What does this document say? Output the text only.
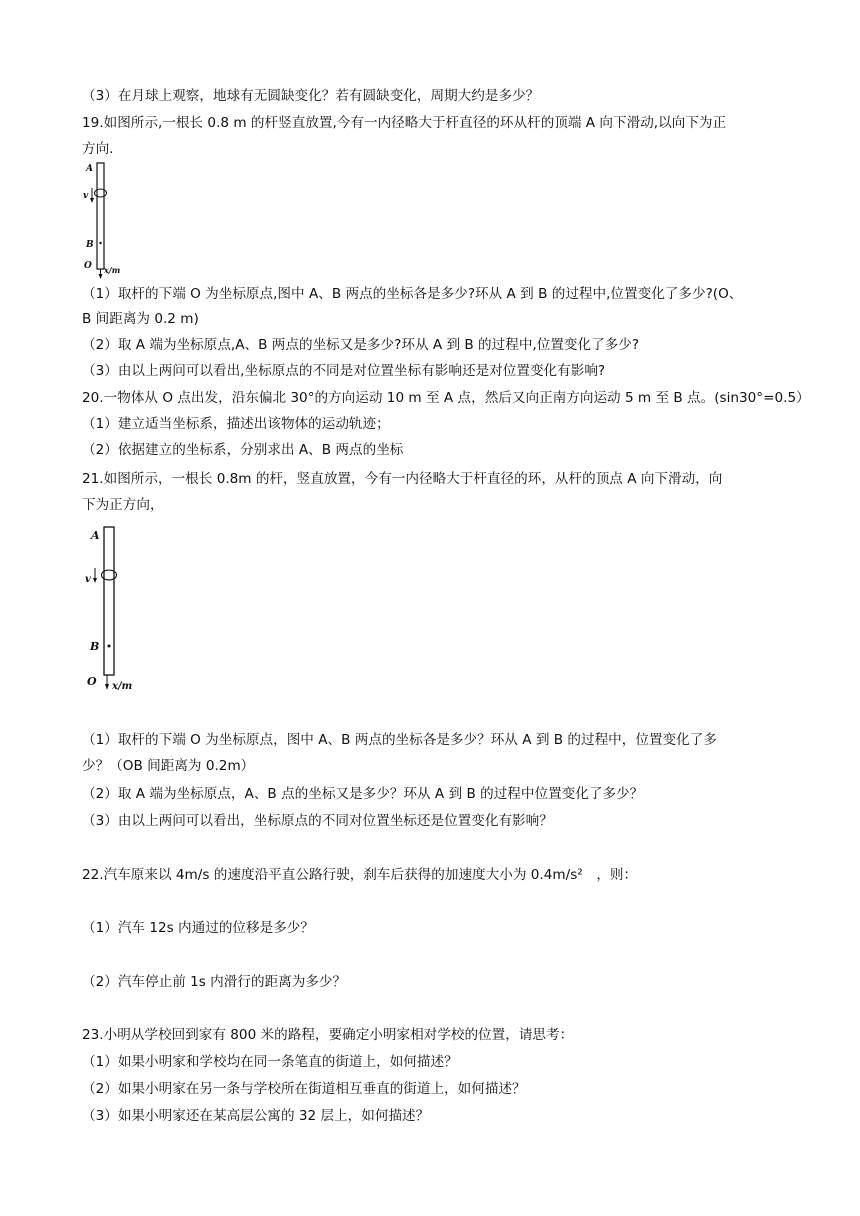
（3）在月球上观察，地球有无圆缺变化？若有圆缺变化，周期大约是多少？
19.如图所示,一根长 0.8 m 的杆竖直放置,今有一内径略大于杆直径的环从杆的顶端 A 向下滑动,以向下为正
方向.
A
v
B
O x/m
（1）取杆的下端 O 为坐标原点,图中 A、B 两点的坐标各是多少?环从 A 到 B 的过程中,位置变化了多少?(O、
B 间距离为 0.2 m)
（2）取 A 端为坐标原点,A、B 两点的坐标又是多少?环从 A 到 B 的过程中,位置变化了多少?
（3）由以上两问可以看出,坐标原点的不同是对位置坐标有影响还是对位置变化有影响?
20.一物体从 O 点出发，沿东偏北 30°的方向运动 10 m 至 A 点，然后又向正南方向运动 5 m 至 B 点。(sin30°=0.5）
（1）建立适当坐标系，描述出该物体的运动轨迹；
（2）依据建立的坐标系，分别求出 A、B 两点的坐标
21.如图所示，一根长 0.8m 的杆，竖直放置，今有一内径略大于杆直径的环，从杆的顶点 A 向下滑动，向
下为正方向，
A
v
B
O x/m
（1）取杆的下端 O 为坐标原点，图中 A、B 两点的坐标各是多少？环从 A 到 B 的过程中，位置变化了多
少？（OB 间距离为 0.2m）
（2）取 A 端为坐标原点，A、B 点的坐标又是多少？环从 A 到 B 的过程中位置变化了多少？
（3）由以上两问可以看出，坐标原点的不同对位置坐标还是位置变化有影响？
22.汽车原来以 4m/s 的速度沿平直公路行驶，刹车后获得的加速度大小为 0.4m/s²　，则：
（1）汽车 12s 内通过的位移是多少？
（2）汽车停止前 1s 内滑行的距离为多少？
23.小明从学校回到家有 800 米的路程，要确定小明家相对学校的位置，请思考：
（1）如果小明家和学校均在同一条笔直的街道上，如何描述？
（2）如果小明家在另一条与学校所在街道相互垂直的街道上，如何描述？
（3）如果小明家还在某高层公寓的 32 层上，如何描述？
